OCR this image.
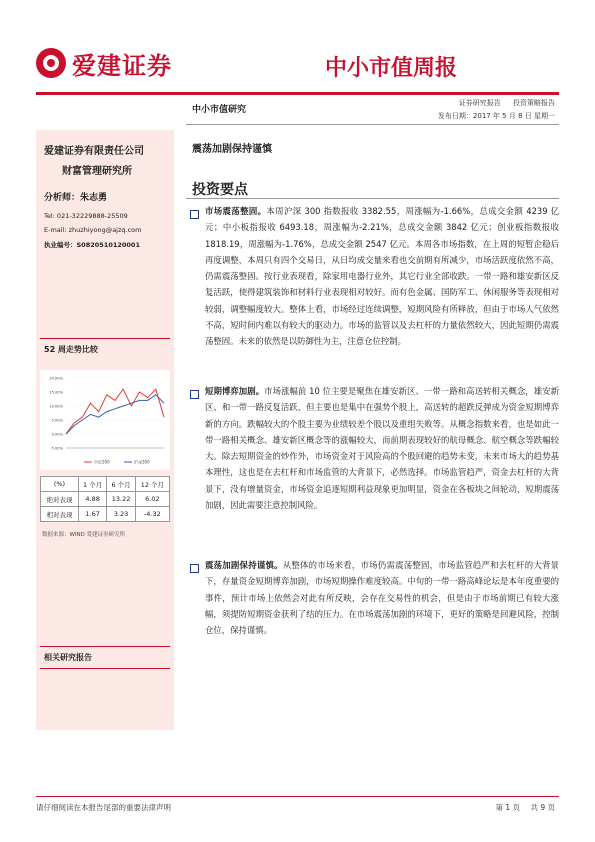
爱建证券	中小市值周报
中小市值研究
证券研究报告 投资策略报告
发布日期：2017 年 5 月 8 日 星期一
爱建证券有限责任公司
财富管理研究所
分析师：朱志勇
Tel: 021-32229888-25509
E-mail: zhuzhiyong@ajzq.com
执业编号：S0820510120001
52 周走势比较
20.00%
15.00%
10.00%
5.00%
0.00%
-5.00%
中证500	沪深300
(%)	1 个月	6 个月	12 个月
绝对表现	4.88	13.22	6.02
相对表现	1.67	3.23	-4.32
数据来源：WIND 爱建证券研究所
相关研究报告
震荡加剧保持谨慎
投资要点
市场震荡整固。本周沪深 300 指数报收 3382.55，周涨幅为-1.66%，总成交金额 4239 亿元；中小板指报收 6493.18，周涨幅为-2.21%，总成交金额 3842 亿元；创业板指数报收 1818.19，周涨幅为-1.76%，总成交金额 2547 亿元。本周各市场指数，在上周的短暂企稳后再度调整，本周只有四个交易日，从日均成交量来看也交前期有所减少，市场活跃度依然不高，仍需震荡整固。按行业表现看，除家用电器行业外，其它行业全部收跌。一带一路和雄安新区反复活跃，使得建筑装饰和材料行业表现相对较好。而有色金属、国防军工、休闲服务等表现相对较弱，调整幅度较大。整体上看，市场经过连续调整，短期风险有所释放，但由于市场人气依然不高，短时间内难以有较大的驱动力。市场的监管以及去杠杆的力量依然较大，因此短期仍需震荡整固。未来的依然是以防御性为主，注意仓位控制。
短期博弈加剧。市场涨幅前 10 位主要是聚焦在雄安新区、一带一路和高送转相关概念，雄安新区、和一带一路反复活跃，但主要也是集中在强势个股上，高送转的超跌反弹成为资金短期博弈新的方向。跌幅较大的个股主要为业绩较差个股以及重组失败等。从概念指数来看，也是如此一带一路相关概念、雄安新区概念等的涨幅较大，而前期表现较好的航母概念、航空概念等跌幅较大。除去短期资金的炒作外，市场资金对于风险高的个股回避的趋势未变，未来市场大的趋势基本理性，这也是在去杠杆和市场监管的大背景下，必然选择。市场监管趋严，资金去杠杆的大背景下，没有增量资金，市场资金追逐短期利益现象更加明显，资金在各板块之间轮动，短期震荡加剧，因此需要注意控制风险。
震荡加剧保持谨慎。从整体的市场来看，市场仍需震荡整固，市场监管趋严和去杠杆的大背景下，存量资金短期博弈加剧，市场短期操作难度较高。中旬的一带一路高峰论坛是本年度重要的事件，预计市场上依然会对此有所反映，会存在交易性的机会，但是由于市场前期已有较大涨幅，须提防短期资金获利了结的压力。在市场震荡加剧的环境下，更好的策略是回避风险，控制仓位，保持谨慎。
请仔细阅读在本报告尾部的重要法律声明	第 1 页 共 9 页
